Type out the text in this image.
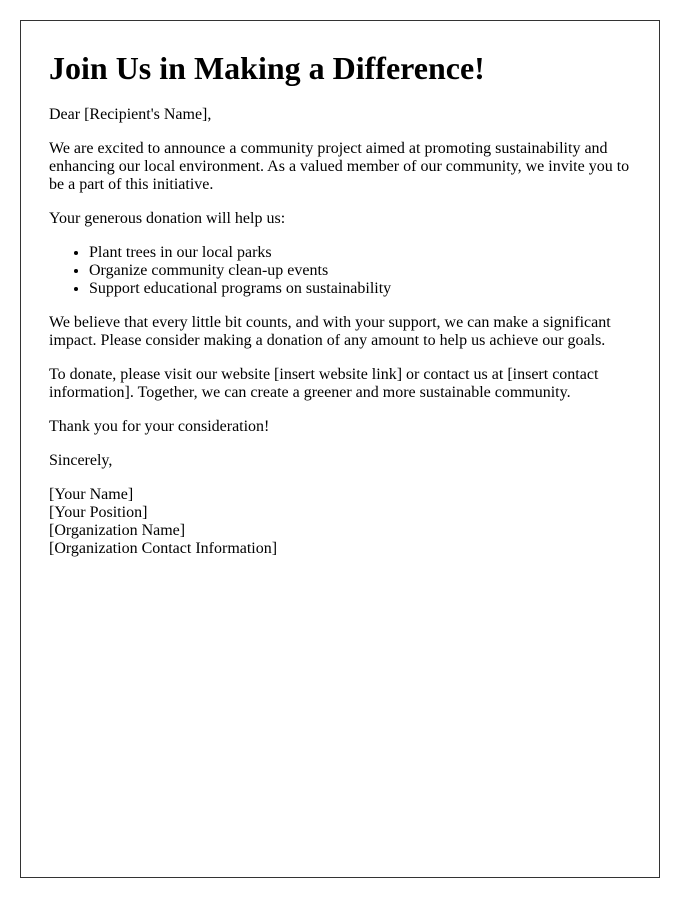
Join Us in Making a Difference!

Dear [Recipient's Name],

We are excited to announce a community project aimed at promoting sustainability and enhancing our local environment. As a valued member of our community, we invite you to be a part of this initiative.

Your generous donation will help us:

• Plant trees in our local parks
• Organize community clean-up events
• Support educational programs on sustainability

We believe that every little bit counts, and with your support, we can make a significant impact. Please consider making a donation of any amount to help us achieve our goals.

To donate, please visit our website [insert website link] or contact us at [insert contact information]. Together, we can create a greener and more sustainable community.

Thank you for your consideration!

Sincerely,

[Your Name]
[Your Position]
[Organization Name]
[Organization Contact Information]
